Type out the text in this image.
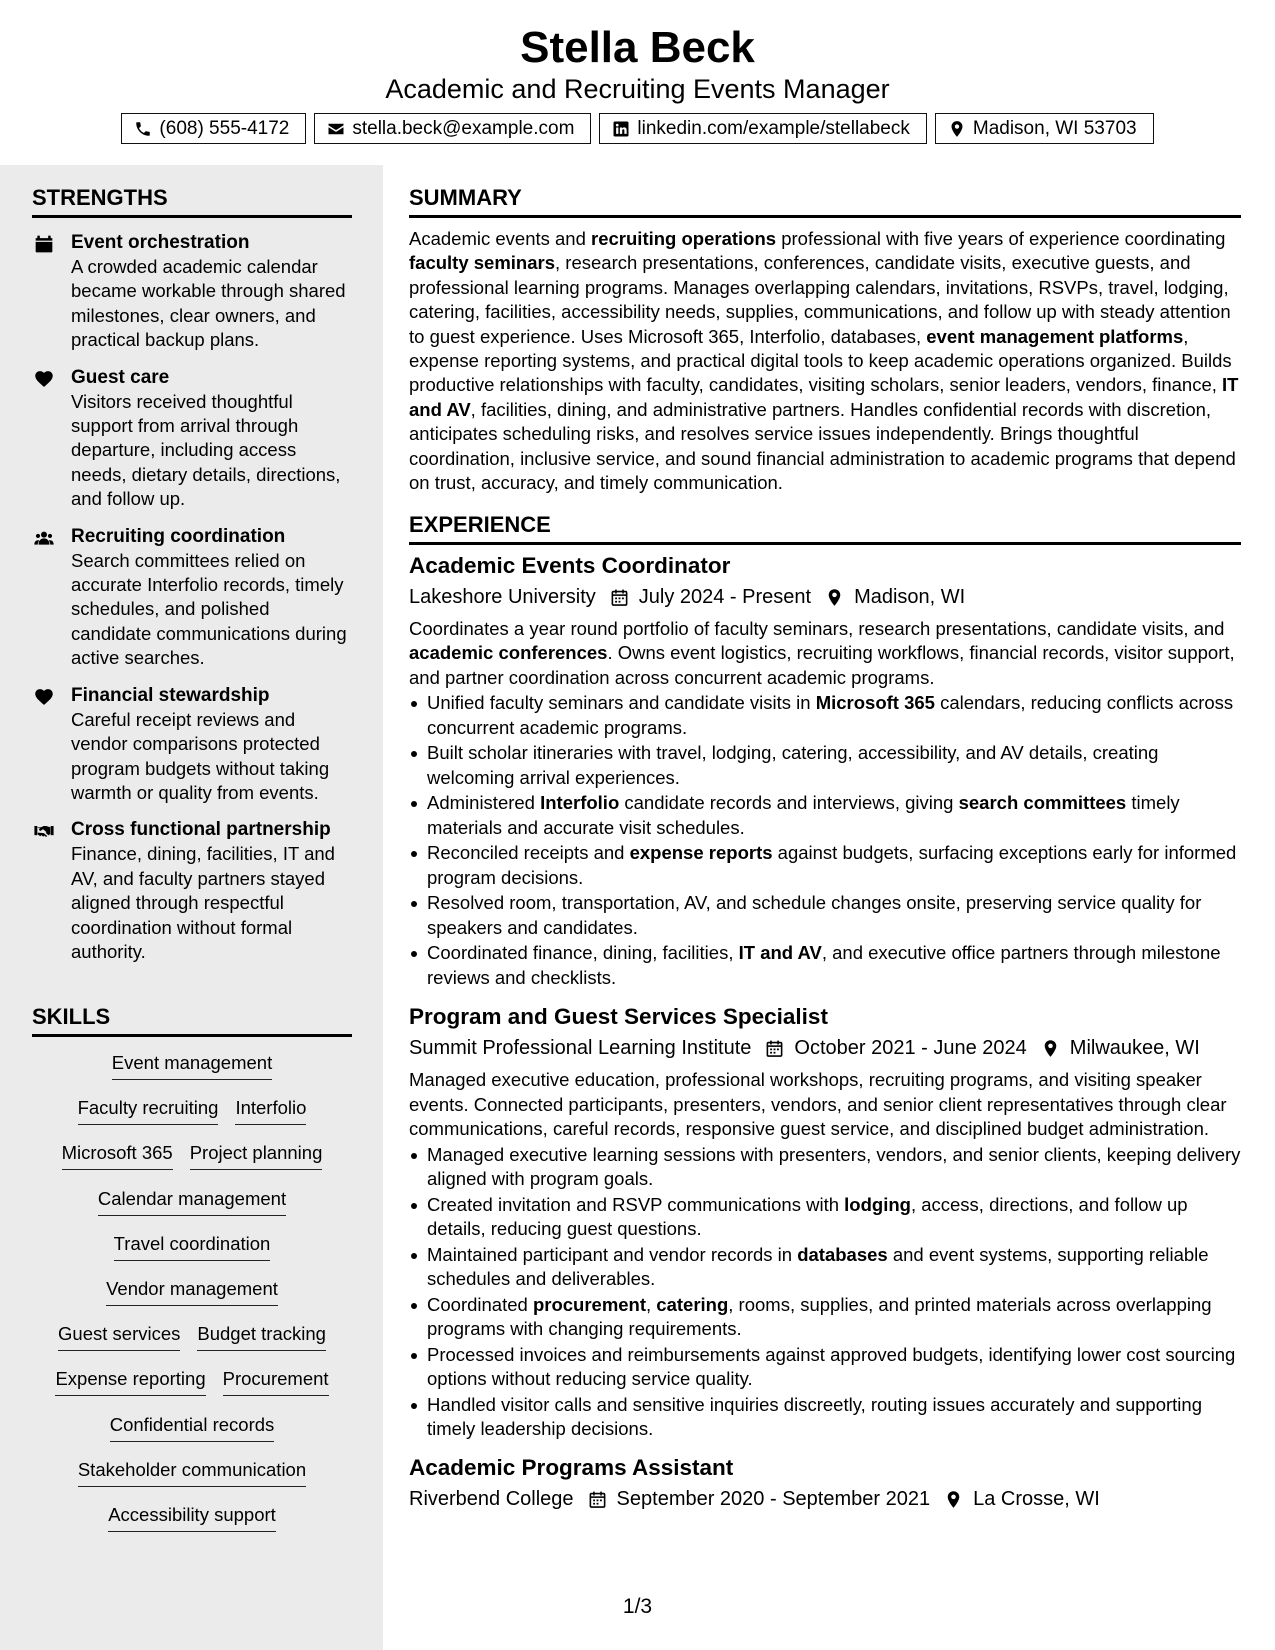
Stella Beck
Academic and Recruiting Events Manager
(608) 555-4172	stella.beck@example.com	linkedin.com/example/stellabeck	Madison, WI 53703
STRENGTHS
Event orchestration
A crowded academic calendar became workable through shared milestones, clear owners, and practical backup plans.
Guest care
Visitors received thoughtful support from arrival through departure, including access needs, dietary details, directions, and follow up.
Recruiting coordination
Search committees relied on accurate Interfolio records, timely schedules, and polished candidate communications during active searches.
Financial stewardship
Careful receipt reviews and vendor comparisons protected program budgets without taking warmth or quality from events.
Cross functional partnership
Finance, dining, facilities, IT and AV, and faculty partners stayed aligned through respectful coordination without formal authority.
SKILLS
Event management
Faculty recruiting Interfolio
Microsoft 365 Project planning
Calendar management
Travel coordination
Vendor management
Guest services Budget tracking
Expense reporting Procurement
Confidential records
Stakeholder communication
Accessibility support
SUMMARY
Academic events and recruiting operations professional with five years of experience coordinating faculty seminars, research presentations, conferences, candidate visits, executive guests, and professional learning programs. Manages overlapping calendars, invitations, RSVPs, travel, lodging, catering, facilities, accessibility needs, supplies, communications, and follow up with steady attention to guest experience. Uses Microsoft 365, Interfolio, databases, event management platforms, expense reporting systems, and practical digital tools to keep academic operations organized. Builds productive relationships with faculty, candidates, visiting scholars, senior leaders, vendors, finance, IT and AV, facilities, dining, and administrative partners. Handles confidential records with discretion, anticipates scheduling risks, and resolves service issues independently. Brings thoughtful coordination, inclusive service, and sound financial administration to academic programs that depend on trust, accuracy, and timely communication.
EXPERIENCE
Academic Events Coordinator
Lakeshore University July 2024 - Present Madison, WI
Coordinates a year round portfolio of faculty seminars, research presentations, candidate visits, and academic conferences. Owns event logistics, recruiting workflows, financial records, visitor support, and partner coordination across concurrent academic programs.
Unified faculty seminars and candidate visits in Microsoft 365 calendars, reducing conflicts across concurrent academic programs.
Built scholar itineraries with travel, lodging, catering, accessibility, and AV details, creating welcoming arrival experiences.
Administered Interfolio candidate records and interviews, giving search committees timely materials and accurate visit schedules.
Reconciled receipts and expense reports against budgets, surfacing exceptions early for informed program decisions.
Resolved room, transportation, AV, and schedule changes onsite, preserving service quality for speakers and candidates.
Coordinated finance, dining, facilities, IT and AV, and executive office partners through milestone reviews and checklists.
Program and Guest Services Specialist
Summit Professional Learning Institute October 2021 - June 2024 Milwaukee, WI
Managed executive education, professional workshops, recruiting programs, and visiting speaker events. Connected participants, presenters, vendors, and senior client representatives through clear communications, careful records, responsive guest service, and disciplined budget administration.
Managed executive learning sessions with presenters, vendors, and senior clients, keeping delivery aligned with program goals.
Created invitation and RSVP communications with lodging, access, directions, and follow up details, reducing guest questions.
Maintained participant and vendor records in databases and event systems, supporting reliable schedules and deliverables.
Coordinated procurement, catering, rooms, supplies, and printed materials across overlapping programs with changing requirements.
Processed invoices and reimbursements against approved budgets, identifying lower cost sourcing options without reducing service quality.
Handled visitor calls and sensitive inquiries discreetly, routing issues accurately and supporting timely leadership decisions.
Academic Programs Assistant
Riverbend College September 2020 - September 2021 La Crosse, WI
1/3
